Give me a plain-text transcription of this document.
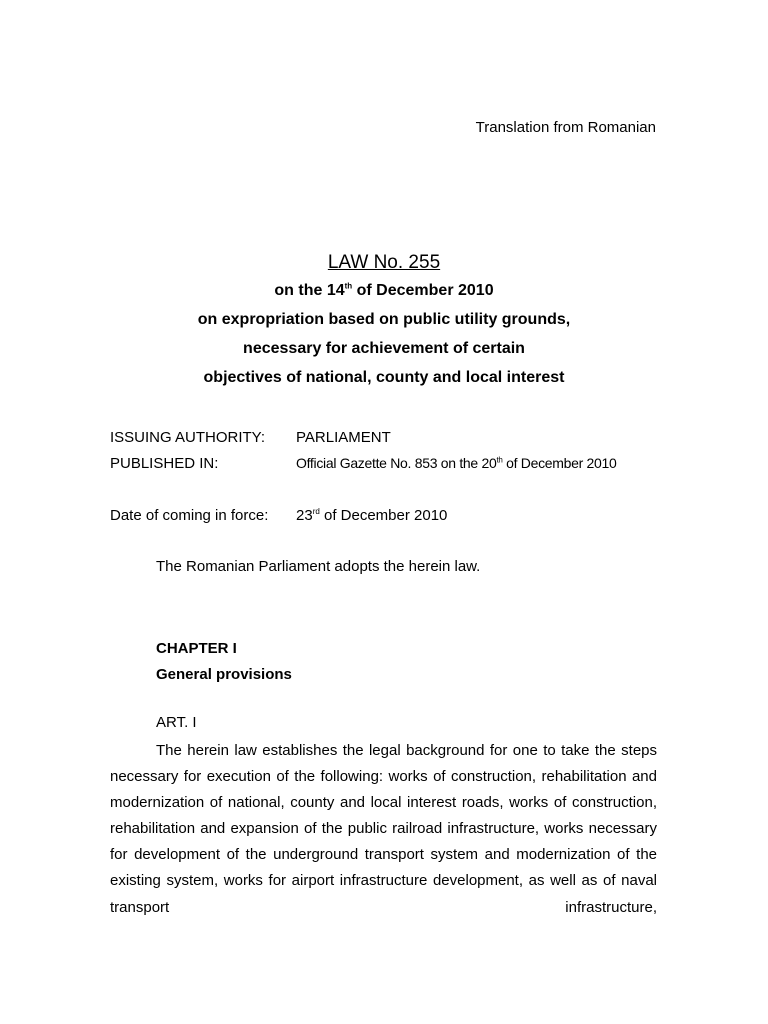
Translation from Romanian
LAW No. 255
on the 14th of December 2010
on expropriation based on public utility grounds,
necessary for achievement of certain
objectives of national, county and local interest
ISSUING AUTHORITY:	PARLIAMENT
PUBLISHED IN:	Official Gazette No. 853 on the 20th of December 2010
Date of coming in force:	23rd of December 2010
The Romanian Parliament adopts the herein law.
CHAPTER I
General provisions
ART. I

The herein law establishes the legal background for one to take the steps necessary for execution of the following: works of construction, rehabilitation and modernization of national, county and local interest roads, works of construction, rehabilitation and expansion of the public railroad infrastructure, works necessary for development of the underground transport system and modernization of the existing system, works for airport infrastructure development, as well as of naval transport infrastructure,
